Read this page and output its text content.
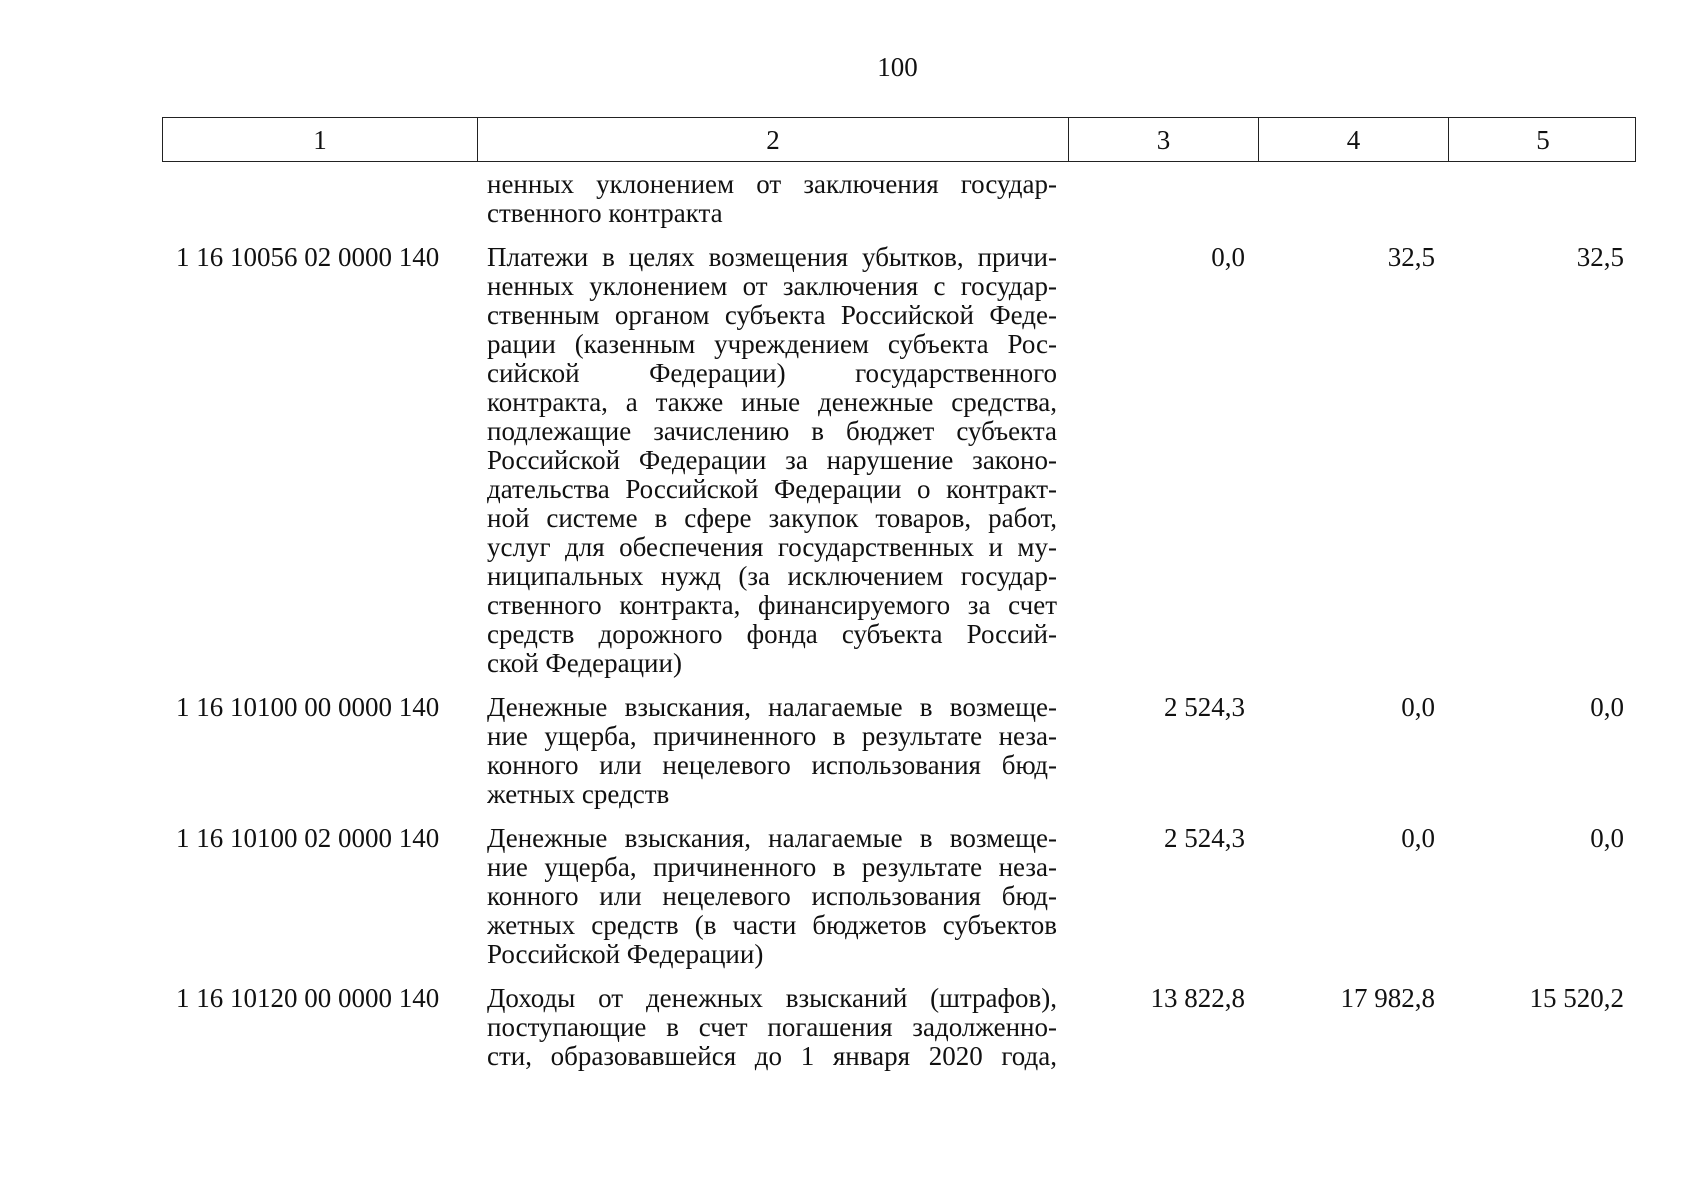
100
1	2	3	4	5
ненных уклонением от заключения государ-
ственного контракта
1 16 10056 02 0000 140	Платежи в целях возмещения убытков, причи-
ненных уклонением от заключения с государ-
ственным органом субъекта Российской Феде-
рации (казенным учреждением субъекта Рос-
сийской Федерации) государственного
контракта, а также иные денежные средства,
подлежащие зачислению в бюджет субъекта
Российской Федерации за нарушение законо-
дательства Российской Федерации о контракт-
ной системе в сфере закупок товаров, работ,
услуг для обеспечения государственных и му-
ниципальных нужд (за исключением государ-
ственного контракта, финансируемого за счет
средств дорожного фонда субъекта Россий-
ской Федерации)
0,0	32,5	32,5
1 16 10100 00 0000 140	Денежные взыскания, налагаемые в возмеще-
ние ущерба, причиненного в результате неза-
конного или нецелевого использования бюд-
жетных средств
2 524,3	0,0	0,0
1 16 10100 02 0000 140	Денежные взыскания, налагаемые в возмеще-
ние ущерба, причиненного в результате неза-
конного или нецелевого использования бюд-
жетных средств (в части бюджетов субъектов
Российской Федерации)
2 524,3	0,0	0,0
1 16 10120 00 0000 140	Доходы от денежных взысканий (штрафов),
поступающие в счет погашения задолженно-
сти, образовавшейся до 1 января 2020 года,
13 822,8	17 982,8	15 520,2
